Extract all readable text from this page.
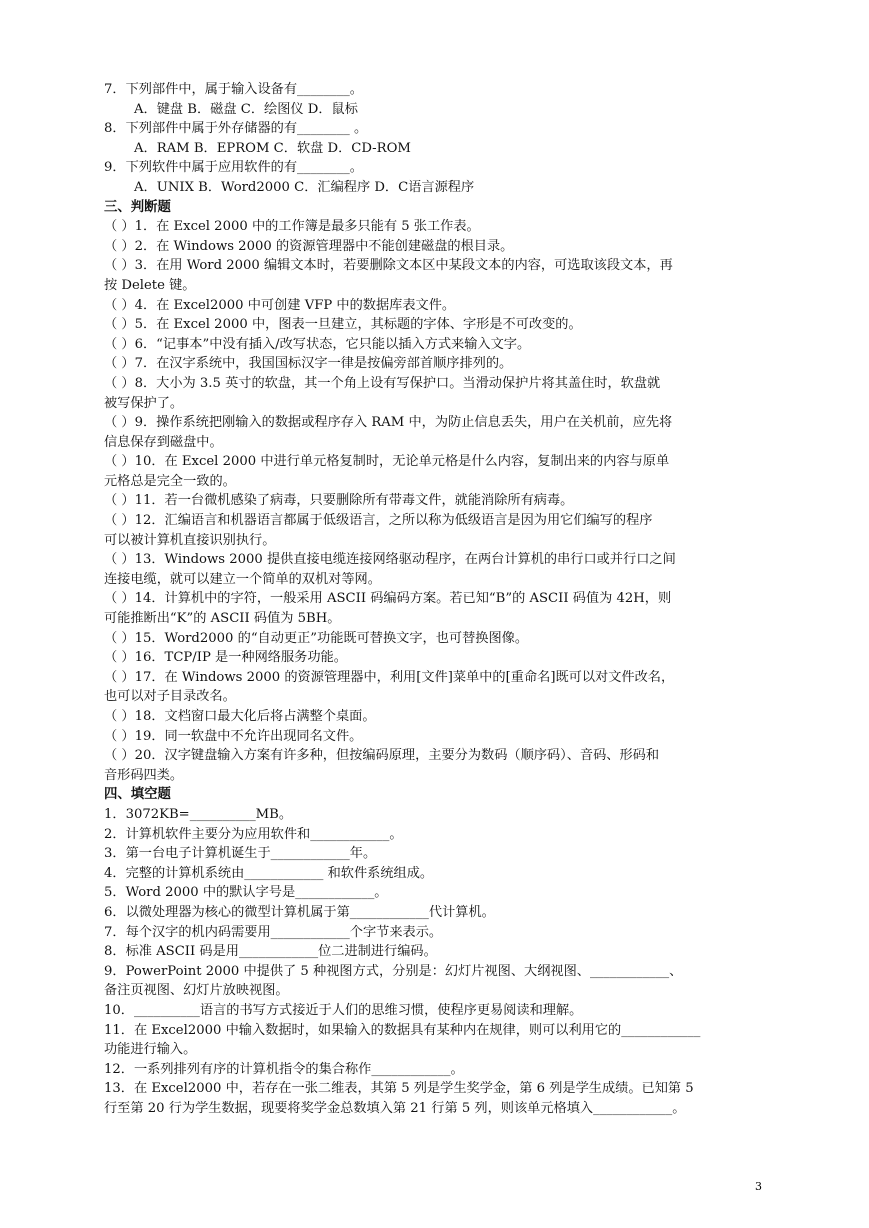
7．下列部件中，属于输入设备有________。
A．键盘 B．磁盘 C．绘图仪 D．鼠标
8．下列部件中属于外存储器的有________ 。
A．RAM B．EPROM C．软盘 D．CD-ROM
9．下列软件中属于应用软件的有________。
A．UNIX B．Word2000 C．汇编程序 D．C语言源程序
三、判断题
（ ）1．在 Excel 2000 中的工作簿是最多只能有 5 张工作表。
（ ）2．在 Windows 2000 的资源管理器中不能创建磁盘的根目录。
（ ）3．在用 Word 2000 编辑文本时，若要删除文本区中某段文本的内容，可选取该段文本，再
按 Delete 键。
（ ）4．在 Excel2000 中可创建 VFP 中的数据库表文件。
（ ）5．在 Excel 2000 中，图表一旦建立，其标题的字体、字形是不可改变的。
（ ）6．“记事本”中没有插入/改写状态，它只能以插入方式来输入文字。
（ ）7．在汉字系统中，我国国标汉字一律是按偏旁部首顺序排列的。
（ ）8．大小为 3.5 英寸的软盘，其一个角上设有写保护口。当滑动保护片将其盖住时，软盘就
被写保护了。
（ ）9．操作系统把刚输入的数据或程序存入 RAM 中，为防止信息丢失，用户在关机前，应先将
信息保存到磁盘中。
（ ）10．在 Excel 2000 中进行单元格复制时，无论单元格是什么内容，复制出来的内容与原单
元格总是完全一致的。
（ ）11．若一台微机感染了病毒，只要删除所有带毒文件，就能消除所有病毒。
（ ）12．汇编语言和机器语言都属于低级语言，之所以称为低级语言是因为用它们编写的程序
可以被计算机直接识别执行。
（ ）13．Windows 2000 提供直接电缆连接网络驱动程序，在两台计算机的串行口或并行口之间
连接电缆，就可以建立一个简单的双机对等网。
（ ）14．计算机中的字符，一般采用 ASCII 码编码方案。若已知“B”的 ASCII 码值为 42H，则
可能推断出“K”的 ASCII 码值为 5BH。
（ ）15．Word2000 的“自动更正”功能既可替换文字，也可替换图像。
（ ）16．TCP/IP 是一种网络服务功能。
（ ）17．在 Windows 2000 的资源管理器中，利用[文件]菜单中的[重命名]既可以对文件改名，
也可以对子目录改名。
（ ）18．文档窗口最大化后将占满整个桌面。
（ ）19．同一软盘中不允许出现同名文件。
（ ）20．汉字键盘输入方案有许多种，但按编码原理，主要分为数码（顺序码）、音码、形码和
音形码四类。
四、填空题
1．3072KB=__________MB。
2．计算机软件主要分为应用软件和____________。
3．第一台电子计算机诞生于____________年。
4．完整的计算机系统由____________ 和软件系统组成。
5．Word 2000 中的默认字号是____________。
6．以微处理器为核心的微型计算机属于第____________代计算机。
7．每个汉字的机内码需要用____________个字节来表示。
8．标准 ASCII 码是用____________位二进制进行编码。
9．PowerPoint 2000 中提供了 5 种视图方式，分别是：幻灯片视图、大纲视图、____________、
备注页视图、幻灯片放映视图。
10．__________语言的书写方式接近于人们的思维习惯，使程序更易阅读和理解。
11．在 Excel2000 中输入数据时，如果输入的数据具有某种内在规律，则可以利用它的____________
功能进行输入。
12．一系列排列有序的计算机指令的集合称作____________。
13．在 Excel2000 中，若存在一张二维表，其第 5 列是学生奖学金，第 6 列是学生成绩。已知第 5
行至第 20 行为学生数据，现要将奖学金总数填入第 21 行第 5 列，则该单元格填入____________。
3
